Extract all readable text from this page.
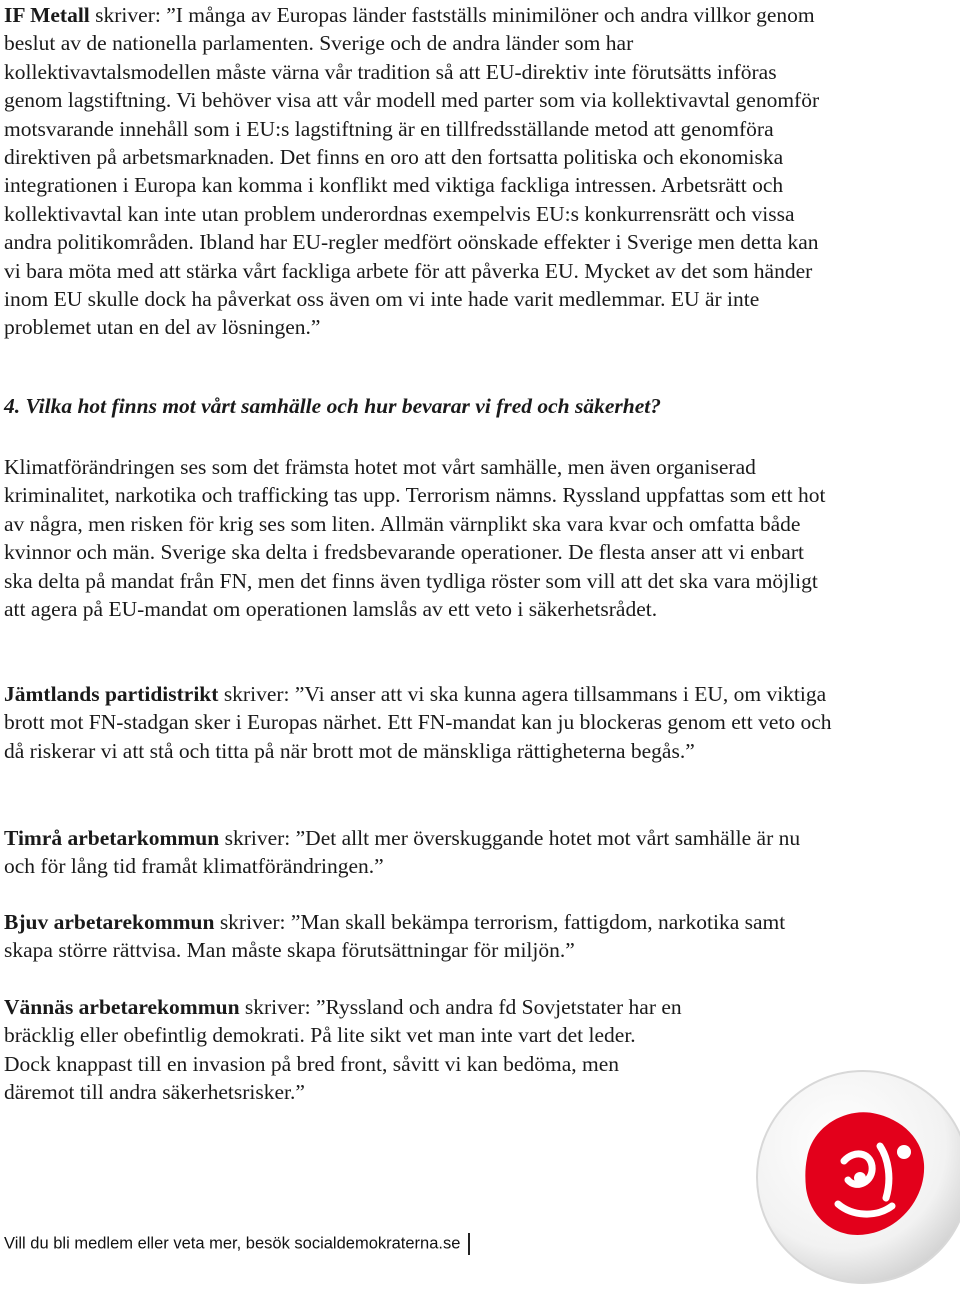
IF Metall skriver: ”I många av Europas länder fastställs minimilöner och andra villkor genom beslut av de nationella parlamenten. Sverige och de andra länder som har kollektivavtalsmodellen måste värna vår tradition så att EU-direktiv inte förutsätts införas genom lagstiftning. Vi behöver visa att vår modell med parter som via kollektivavtal genomför motsvarande innehåll som i EU:s lagstiftning är en tillfredsställande metod att genomföra direktiven på arbetsmarknaden. Det finns en oro att den fortsatta politiska och ekonomiska integrationen i Europa kan komma i konflikt med viktiga fackliga intressen. Arbetsrätt och kollektivavtal kan inte utan problem underordnas exempelvis EU:s konkurrensrätt och vissa andra politikområden. Ibland har EU-regler medfört oönskade effekter i Sverige men detta kan vi bara möta med att stärka vårt fackliga arbete för att påverka EU. Mycket av det som händer inom EU skulle dock ha påverkat oss även om vi inte hade varit medlemmar. EU är inte problemet utan en del av lösningen.”

4. Vilka hot finns mot vårt samhälle och hur bevarar vi fred och säkerhet?

Klimatförändringen ses som det främsta hotet mot vårt samhälle, men även organiserad kriminalitet, narkotika och trafficking tas upp. Terrorism nämns. Ryssland uppfattas som ett hot av några, men risken för krig ses som liten. Allmän värnplikt ska vara kvar och omfatta både kvinnor och män. Sverige ska delta i fredsbevarande operationer. De flesta anser att vi enbart ska delta på mandat från FN, men det finns även tydliga röster som vill att det ska vara möjligt att agera på EU-mandat om operationen lamslås av ett veto i säkerhetsrådet.

Jämtlands partidistrikt skriver: ”Vi anser att vi ska kunna agera tillsammans i EU, om viktiga brott mot FN-stadgan sker i Europas närhet. Ett FN-mandat kan ju blockeras genom ett veto och då riskerar vi att stå och titta på när brott mot de mänskliga rättigheterna begås.”

Timrå arbetarkommun skriver: ”Det allt mer överskuggande hotet mot vårt samhälle är nu och för lång tid framåt klimatförändringen.”

Bjuv arbetarekommun skriver: ”Man skall bekämpa terrorism, fattigdom, narkotika samt skapa större rättvisa. Man måste skapa förutsättningar för miljön.”

Vännäs arbetarekommun skriver: ”Ryssland och andra fd Sovjetstater har en bräcklig eller obefintlig demokrati. På lite sikt vet man inte vart det leder. Dock knappast till en invasion på bred front, såvitt vi kan bedöma, men däremot till andra säkerhetsrisker.”

Vill du bli medlem eller veta mer, besök socialdemokraterna.se
